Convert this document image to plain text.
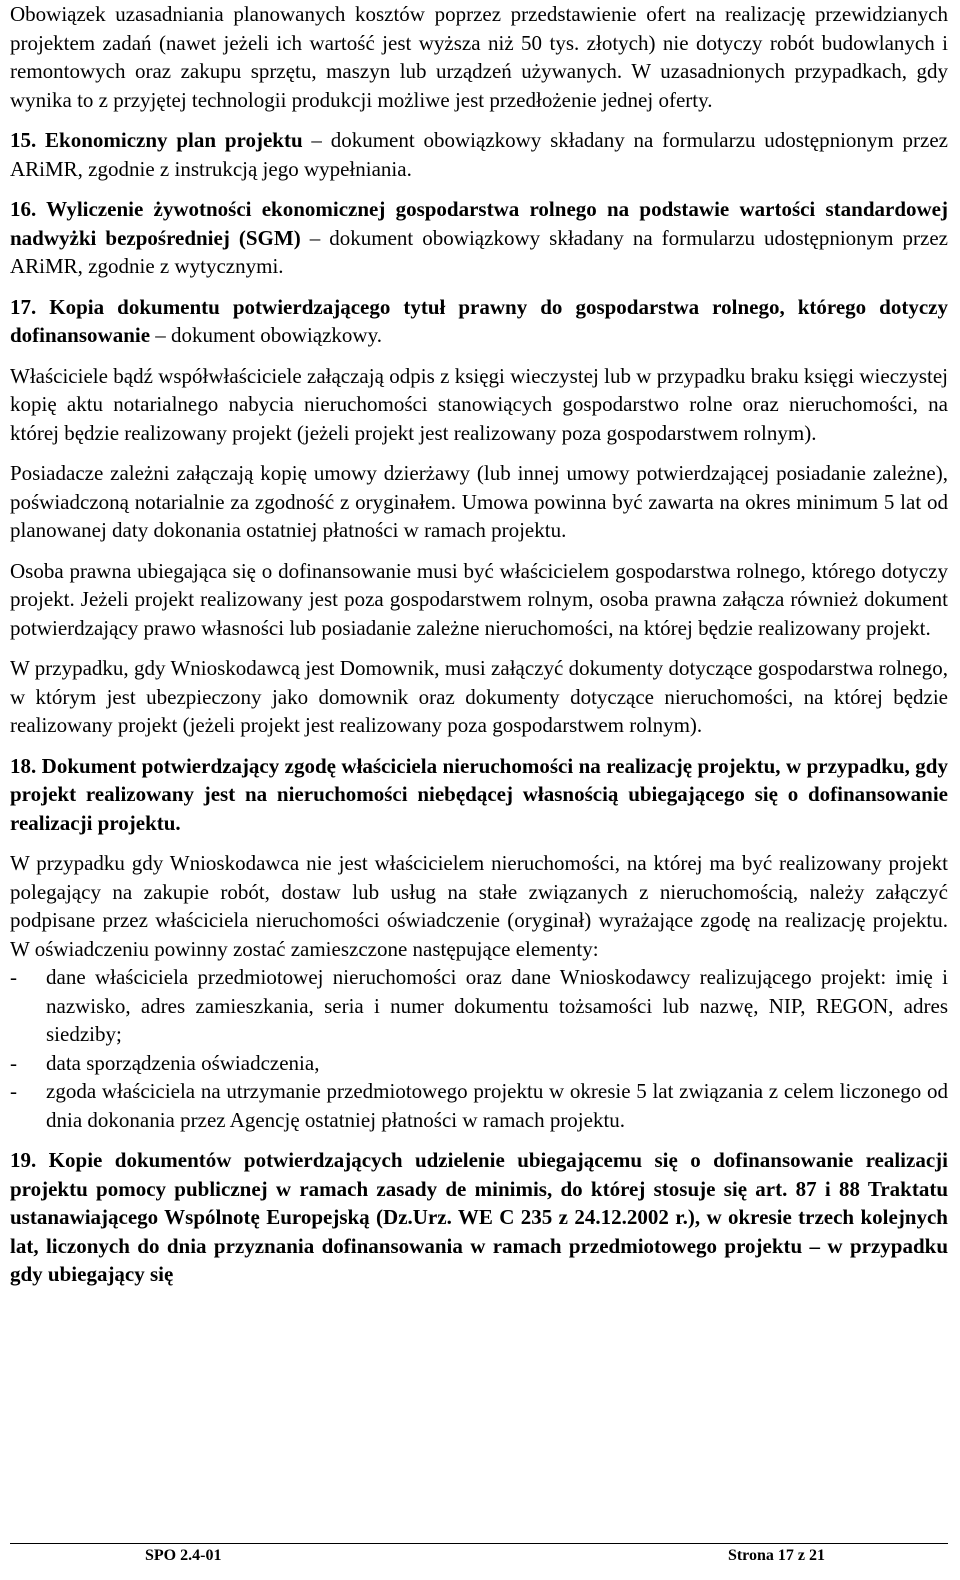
Obowiązek uzasadniania planowanych kosztów poprzez przedstawienie ofert na realizację przewidzianych projektem zadań (nawet jeżeli ich wartość jest wyższa niż 50 tys. złotych) nie dotyczy robót budowlanych i remontowych oraz zakupu sprzętu, maszyn lub urządzeń używanych. W uzasadnionych przypadkach, gdy wynika to z przyjętej technologii produkcji możliwe jest przedłożenie jednej oferty.

15. Ekonomiczny plan projektu – dokument obowiązkowy składany na formularzu udostępnionym przez ARiMR, zgodnie z instrukcją jego wypełniania.

16. Wyliczenie żywotności ekonomicznej gospodarstwa rolnego na podstawie wartości standardowej nadwyżki bezpośredniej (SGM) – dokument obowiązkowy składany na formularzu udostępnionym przez ARiMR, zgodnie z wytycznymi.

17. Kopia dokumentu potwierdzającego tytuł prawny do gospodarstwa rolnego, którego dotyczy dofinansowanie – dokument obowiązkowy.

Właściciele bądź współwłaściciele załączają odpis z księgi wieczystej lub w przypadku braku księgi wieczystej kopię aktu notarialnego nabycia nieruchomości stanowiących gospodarstwo rolne oraz nieruchomości, na której będzie realizowany projekt (jeżeli projekt jest realizowany poza gospodarstwem rolnym).

Posiadacze zależni załączają kopię umowy dzierżawy (lub innej umowy potwierdzającej posiadanie zależne), poświadczoną notarialnie za zgodność z oryginałem. Umowa powinna być zawarta na okres minimum 5 lat od planowanej daty dokonania ostatniej płatności w ramach projektu.

Osoba prawna ubiegająca się o dofinansowanie musi być właścicielem gospodarstwa rolnego, którego dotyczy projekt. Jeżeli projekt realizowany jest poza gospodarstwem rolnym, osoba prawna załącza również dokument potwierdzający prawo własności lub posiadanie zależne nieruchomości, na której będzie realizowany projekt.

W przypadku, gdy Wnioskodawcą jest Domownik, musi załączyć dokumenty dotyczące gospodarstwa rolnego, w którym jest ubezpieczony jako domownik oraz dokumenty dotyczące nieruchomości, na której będzie realizowany projekt (jeżeli projekt jest realizowany poza gospodarstwem rolnym).

18. Dokument potwierdzający zgodę właściciela nieruchomości na realizację projektu, w przypadku, gdy projekt realizowany jest na nieruchomości niebędącej własnością ubiegającego się o dofinansowanie realizacji projektu.

W przypadku gdy Wnioskodawca nie jest właścicielem nieruchomości, na której ma być realizowany projekt polegający na zakupie robót, dostaw lub usług na stałe związanych z nieruchomością, należy załączyć podpisane przez właściciela nieruchomości oświadczenie (oryginał) wyrażające zgodę na realizację projektu. W oświadczeniu powinny zostać zamieszczone następujące elementy:

- dane właściciela przedmiotowej nieruchomości oraz dane Wnioskodawcy realizującego projekt: imię i nazwisko, adres zamieszkania, seria i numer dokumentu tożsamości lub nazwę, NIP, REGON, adres siedziby;
- data sporządzenia oświadczenia,
- zgoda właściciela na utrzymanie przedmiotowego projektu w okresie 5 lat związania z celem liczonego od dnia dokonania przez Agencję ostatniej płatności w ramach projektu.

19. Kopie dokumentów potwierdzających udzielenie ubiegającemu się o dofinansowanie realizacji projektu pomocy publicznej w ramach zasady de minimis, do której stosuje się art. 87 i 88 Traktatu ustanawiającego Wspólnotę Europejską (Dz.Urz. WE C 235 z 24.12.2002 r.), w okresie trzech kolejnych lat, liczonych do dnia przyznania dofinansowania w ramach przedmiotowego projektu – w przypadku gdy ubiegający się

SPO 2.4-01	Strona 17 z 21
